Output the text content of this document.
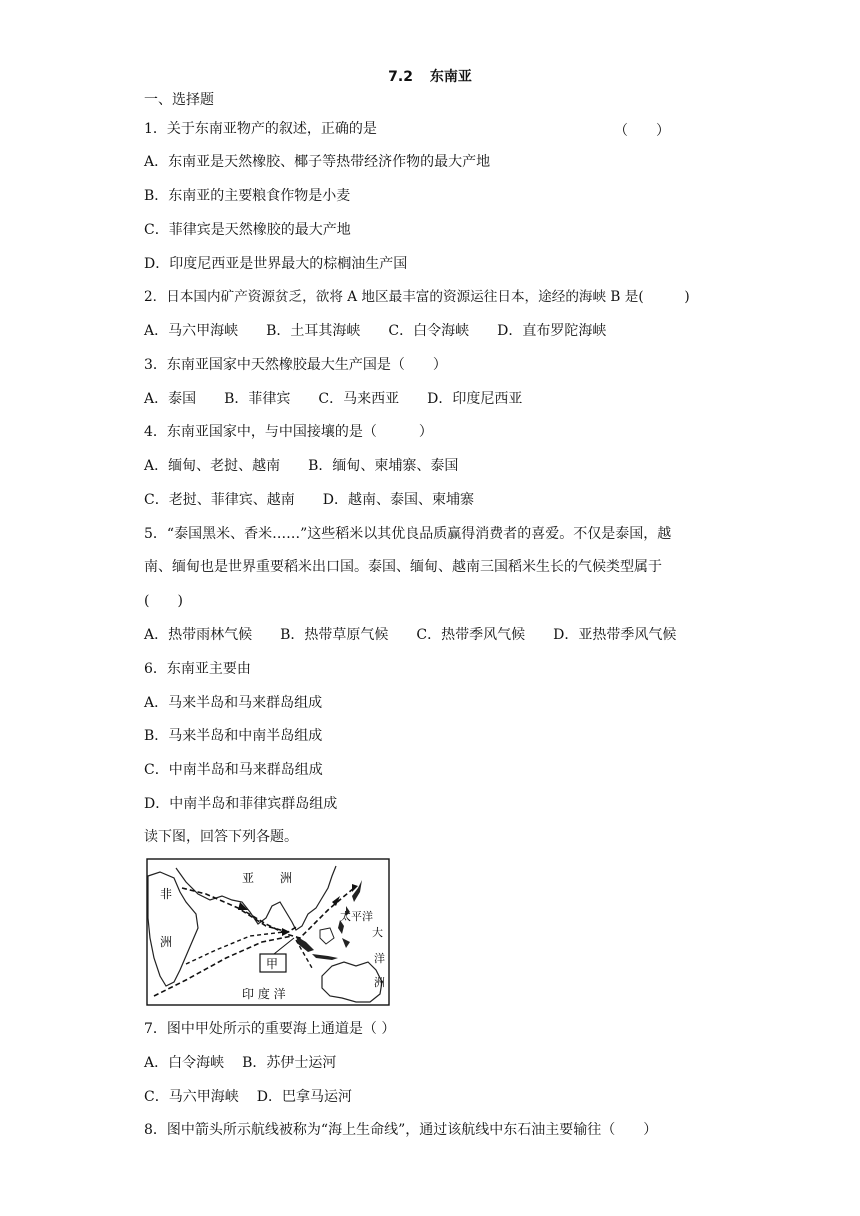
7.2 东南亚
一、选择题
1．关于东南亚物产的叙述，正确的是	（　　）
A．东南亚是天然橡胶、椰子等热带经济作物的最大产地
B．东南亚的主要粮食作物是小麦
C．菲律宾是天然橡胶的最大产地
D．印度尼西亚是世界最大的棕榈油生产国
2．日本国内矿产资源贫乏，欲将 A 地区最丰富的资源运往日本，途经的海峡 B 是(　　　)
A．马六甲海峡 B．土耳其海峡 C．白令海峡 D．直布罗陀海峡
3．东南亚国家中天然橡胶最大生产国是（　　）
A．泰国 B．菲律宾 C．马来西亚 D．印度尼西亚
4．东南亚国家中，与中国接壤的是（　　　）
A．缅甸、老挝、越南 B．缅甸、柬埔寨、泰国
C．老挝、菲律宾、越南 D．越南、泰国、柬埔寨
5．“泰国黑米、香米……”这些稻米以其优良品质赢得消费者的喜爱。不仅是泰国，越
南、缅甸也是世界重要稻米出口国。泰国、缅甸、越南三国稻米生长的气候类型属于
(　　)
A．热带雨林气候 B．热带草原气候 C．热带季风气候 D．亚热带季风气候
6．东南亚主要由
A．马来半岛和马来群岛组成
B．马来半岛和中南半岛组成
C．中南半岛和马来群岛组成
D．中南半岛和菲律宾群岛组成
读下图，回答下列各题。
亚 洲
非
洲
太平洋
大
洋
洲
甲
印 度 洋
7．图中甲处所示的重要海上通道是（ ）
A．白令海峡 B．苏伊士运河
C．马六甲海峡 D．巴拿马运河
8．图中箭头所示航线被称为“海上生命线”，通过该航线中东石油主要输往（　　）
